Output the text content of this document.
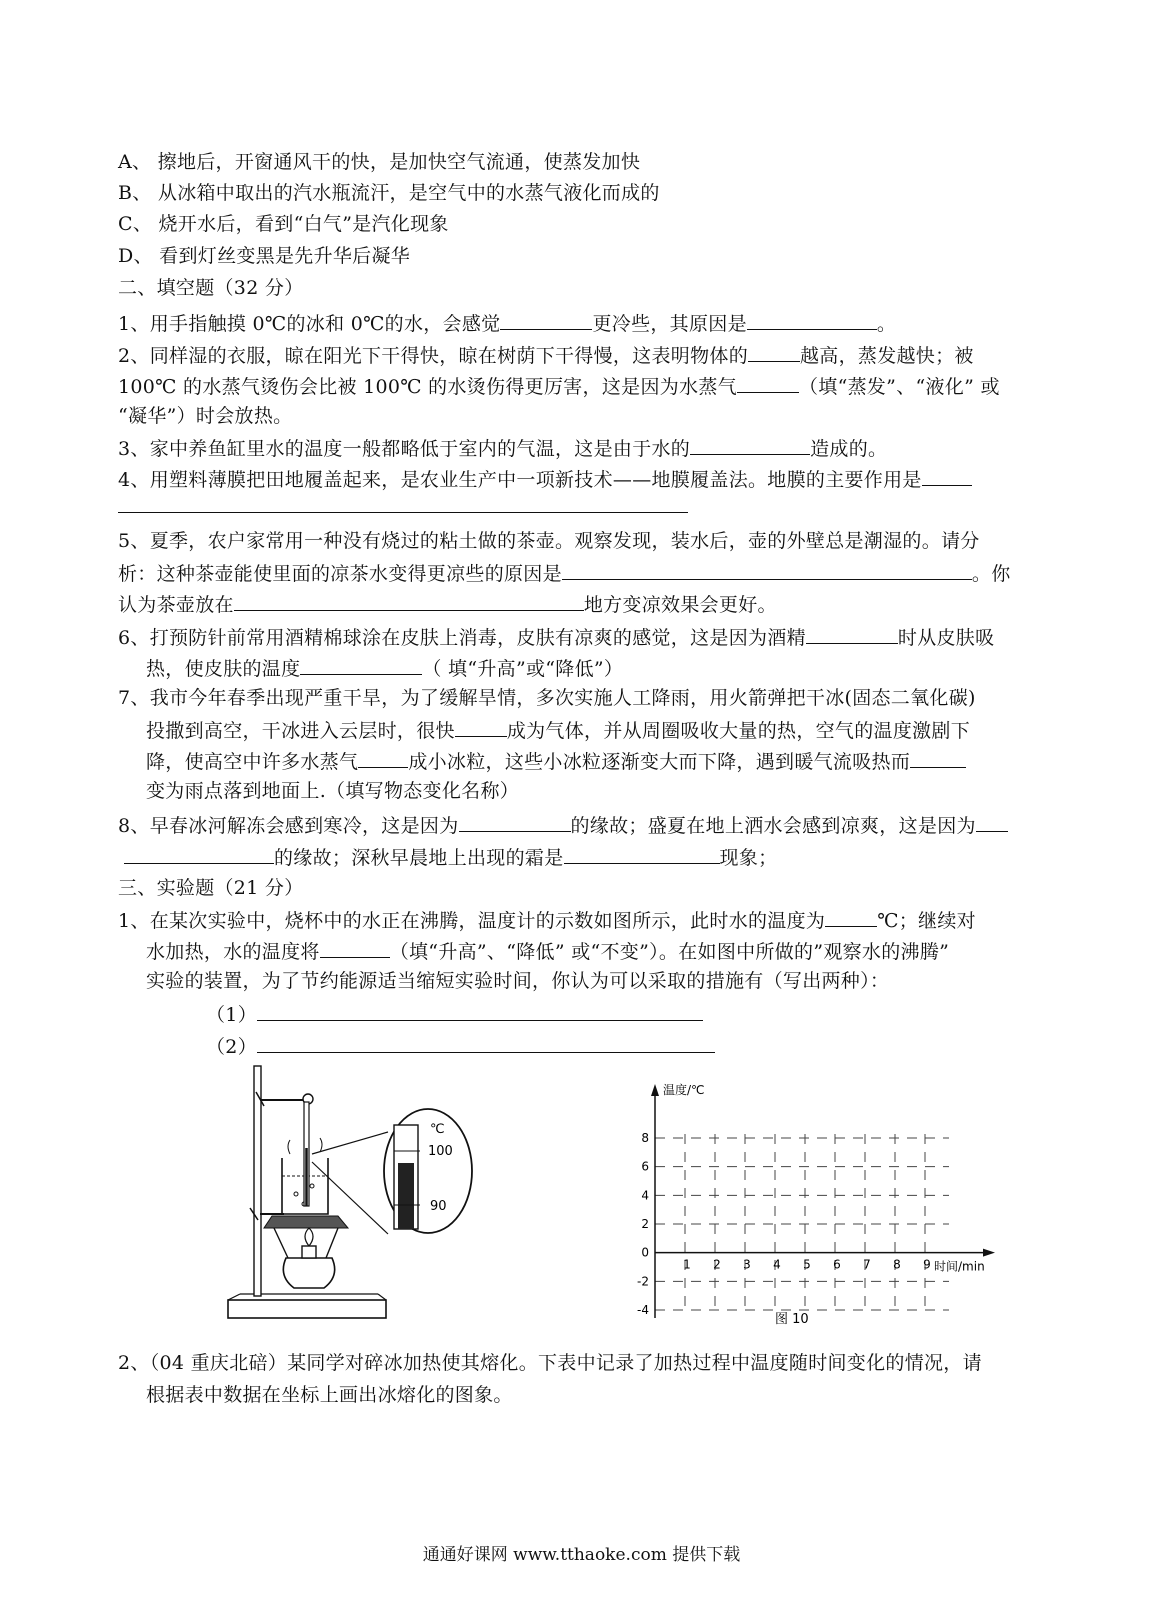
A、 擦地后，开窗通风干的快，是加快空气流通，使蒸发加快
B、 从冰箱中取出的汽水瓶流汗，是空气中的水蒸气液化而成的
C、 烧开水后，看到“白气”是汽化现象
D、 看到灯丝变黑是先升华后凝华
二、填空题（32 分）
1、用手指触摸 0℃的冰和 0℃的水，会感觉	更冷些，其原因是	。
2、同样湿的衣服，晾在阳光下干得快，晾在树荫下干得慢，这表明物体的	越高，蒸发越快；被
100℃ 的水蒸气烫伤会比被 100℃ 的水烫伤得更厉害，这是因为水蒸气	（填“蒸发”、“液化” 或
“凝华”）时会放热。
3、家中养鱼缸里水的温度一般都略低于室内的气温，这是由于水的	造成的。
4、用塑料薄膜把田地履盖起来，是农业生产中一项新技术——地膜履盖法。地膜的主要作用是
5、夏季，农户家常用一种没有烧过的粘土做的茶壶。观察发现，装水后，壶的外壁总是潮湿的。请分
析：这种茶壶能使里面的凉茶水变得更凉些的原因是	。你
认为茶壶放在	地方变凉效果会更好。
6、打预防针前常用酒精棉球涂在皮肤上消毒，皮肤有凉爽的感觉，这是因为酒精	时从皮肤吸
热，使皮肤的温度	（ 填“升高”或“降低”）
7、我市今年春季出现严重干旱，为了缓解旱情，多次实施人工降雨，用火箭弹把干冰(固态二氧化碳)
投撒到高空，干冰进入云层时，很快	成为气体，并从周圈吸收大量的热，空气的温度激剧下
降，使高空中许多水蒸气	成小冰粒，这些小冰粒逐渐变大而下降，遇到暖气流吸热而
变为雨点落到地面上.（填写物态变化名称）
8、早春冰河解冻会感到寒冷，这是因为	的缘故；盛夏在地上洒水会感到凉爽，这是因为
的缘故；深秋早晨地上出现的霜是	现象；
三、实验题（21 分）
1、在某次实验中，烧杯中的水正在沸腾，温度计的示数如图所示，此时水的温度为	℃；继续对
水加热，水的温度将	（填“升高”、“降低” 或“不变”）。在如图中所做的”观察水的沸腾”
实验的装置，为了节约能源适当缩短实验时间，你认为可以采取的措施有（写出两种）：
（1）
（2）
℃
100
90
8
6
4
2
0
-2
-4
1 2 3 4 5 6 7 8 9
温度/℃
时间/min
图 10
2、（04 重庆北碚）某同学对碎冰加热使其熔化。下表中记录了加热过程中温度随时间变化的情况，请
根据表中数据在坐标上画出冰熔化的图象。
通通好课网 www.tthaoke.com 提供下载
